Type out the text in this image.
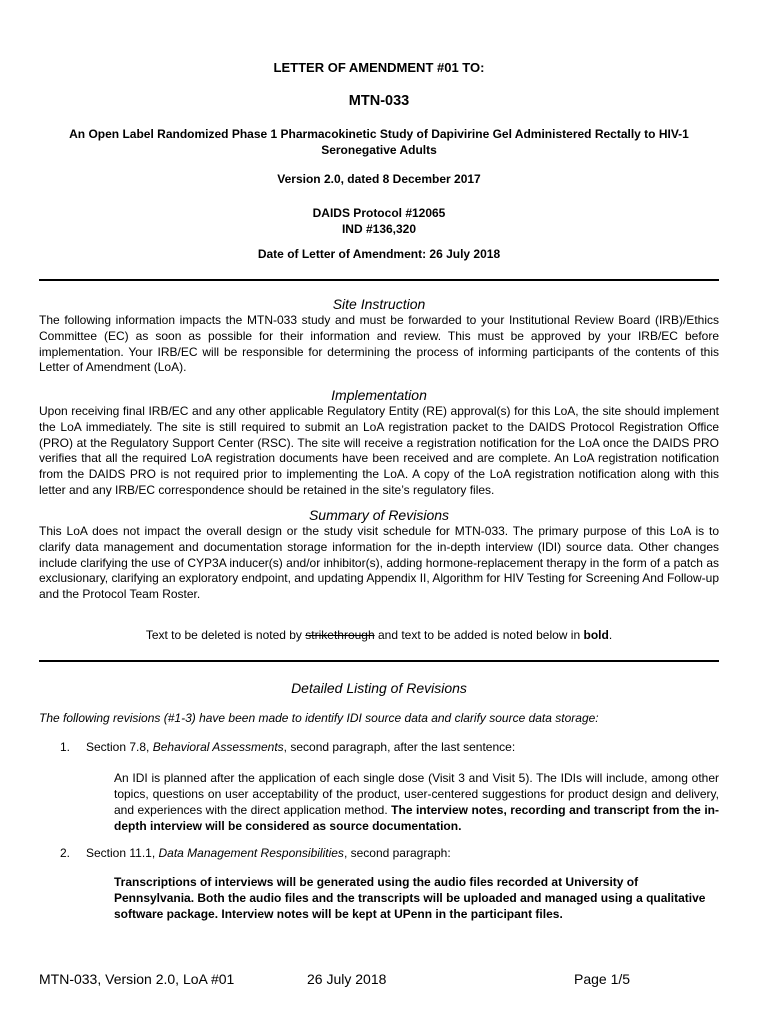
LETTER OF AMENDMENT #01 TO:
MTN-033
An Open Label Randomized Phase 1 Pharmacokinetic Study of Dapivirine Gel Administered Rectally to HIV-1 Seronegative Adults
Version 2.0, dated 8 December 2017
DAIDS Protocol #12065
IND #136,320
Date of Letter of Amendment: 26 July 2018
Site Instruction
The following information impacts the MTN-033 study and must be forwarded to your Institutional Review Board (IRB)/Ethics Committee (EC) as soon as possible for their information and review. This must be approved by your IRB/EC before implementation. Your IRB/EC will be responsible for determining the process of informing participants of the contents of this Letter of Amendment (LoA).
Implementation
Upon receiving final IRB/EC and any other applicable Regulatory Entity (RE) approval(s) for this LoA, the site should implement the LoA immediately. The site is still required to submit an LoA registration packet to the DAIDS Protocol Registration Office (PRO) at the Regulatory Support Center (RSC). The site will receive a registration notification for the LoA once the DAIDS PRO verifies that all the required LoA registration documents have been received and are complete. An LoA registration notification from the DAIDS PRO is not required prior to implementing the LoA. A copy of the LoA registration notification along with this letter and any IRB/EC correspondence should be retained in the site’s regulatory files.
Summary of Revisions
This LoA does not impact the overall design or the study visit schedule for MTN-033. The primary purpose of this LoA is to clarify data management and documentation storage information for the in-depth interview (IDI) source data. Other changes include clarifying the use of CYP3A inducer(s) and/or inhibitor(s), adding hormone-replacement therapy in the form of a patch as exclusionary, clarifying an exploratory endpoint, and updating Appendix II, Algorithm for HIV Testing for Screening And Follow-up and the Protocol Team Roster.
Text to be deleted is noted by strikethrough and text to be added is noted below in bold.
Detailed Listing of Revisions
The following revisions (#1-3) have been made to identify IDI source data and clarify source data storage:
1. Section 7.8, Behavioral Assessments, second paragraph, after the last sentence:
An IDI is planned after the application of each single dose (Visit 3 and Visit 5). The IDIs will include, among other topics, questions on user acceptability of the product, user-centered suggestions for product design and delivery, and experiences with the direct application method. The interview notes, recording and transcript from the in-depth interview will be considered as source documentation.
2. Section 11.1, Data Management Responsibilities, second paragraph:
Transcriptions of interviews will be generated using the audio files recorded at University of Pennsylvania. Both the audio files and the transcripts will be uploaded and managed using a qualitative software package. Interview notes will be kept at UPenn in the participant files.
MTN-033, Version 2.0, LoA #01	26 July 2018	Page 1/5
